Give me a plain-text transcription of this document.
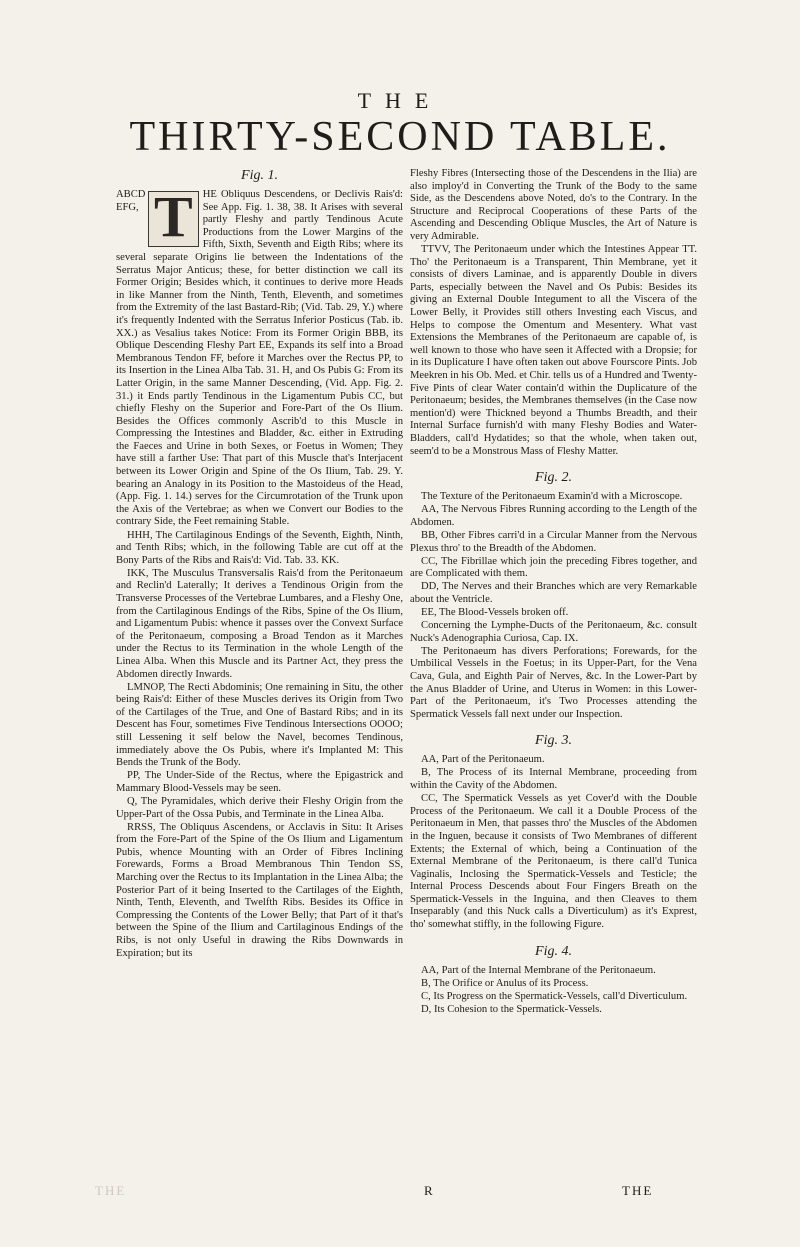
THE
THIRTY-SECOND TABLE.
Fig. 1.
ABCD EFG, T HE Obliquus Descendens, or Declivis Rais'd: See App. Fig. 1. 38, 38. It Arises with several partly Fleshy and partly Tendinous Acute Productions from the Lower Margins of the Fifth, Sixth, Seventh and Eigth Ribs; where its several separate Origins lie between the Indentations of the Serratus Major Anticus; these, for better distinction we call its Former Origin; Besides which, it continues to derive more Heads in like Manner from the Ninth, Tenth, Eleventh, and sometimes from the Extremity of the last Bastard-Rib; (Vid. Tab. 29, Y.) where it's frequently Indented with the Serratus Inferior Posticus (Tab. ib. XX.) as Vesalius takes Notice: From its Former Origin BBB, its Oblique Descending Fleshy Part EE, Expands its self into a Broad Membranous Tendon FF, before it Marches over the Rectus PP, to its Insertion in the Linea Alba Tab. 31. H, and Os Pubis G: From its Latter Origin, in the same Manner Descending, (Vid. App. Fig. 2. 31.) it Ends partly Tendinous in the Ligamentum Pubis CC, but chiefly Fleshy on the Superior and Fore-Part of the Os Ilium. Besides the Offices commonly Ascrib'd to this Muscle in Compressing the Intestines and Bladder, &c. either in Extruding the Faeces and Urine in both Sexes, or Foetus in Women; They have still a farther Use: That part of this Muscle that's Interjacent between its Lower Origin and Spine of the Os Ilium, Tab. 29. Y. bearing an Analogy in its Position to the Mastoideus of the Head, (App. Fig. 1. 14.) serves for the Circumrotation of the Trunk upon the Axis of the Vertebrae; as when we Convert our Bodies to the contrary Side, the Feet remaining Stable.

HHH, The Cartilaginous Endings of the Seventh, Eighth, Ninth, and Tenth Ribs; which, in the following Table are cut off at the Bony Parts of the Ribs and Rais'd: Vid. Tab. 33. KK.

IKK, The Musculus Transversalis Rais'd from the Peritonaeum and Reclin'd Laterally; It derives a Tendinous Origin from the Transverse Processes of the Vertebrae Lumbares, and a Fleshy One, from the Cartilaginous Endings of the Ribs, Spine of the Os Ilium, and Ligamentum Pubis: whence it passes over the Convext Surface of the Peritonaeum, composing a Broad Tendon as it Marches under the Rectus to its Termination in the whole Length of the Linea Alba. When this Muscle and its Partner Act, they press the Abdomen directly Inwards.

LMNOP, The Recti Abdominis; One remaining in Situ, the other being Rais'd: Either of these Muscles derives its Origin from Two of the Cartilages of the True, and One of Bastard Ribs; and in its Descent has Four, sometimes Five Tendinous Intersections OOOO; still Lessening it self below the Navel, becomes Tendinous, immediately above the Os Pubis, where it's Implanted M: This Bends the Trunk of the Body.

PP, The Under-Side of the Rectus, where the Epigastrick and Mammary Blood-Vessels may be seen.

Q, The Pyramidales, which derive their Fleshy Origin from the Upper-Part of the Ossa Pubis, and Terminate in the Linea Alba.

RRSS, The Obliquus Ascendens, or Acclavis in Situ: It Arises from the Fore-Part of the Spine of the Os Ilium and Ligamentum Pubis, whence Mounting with an Order of Fibres Inclining Forewards, Forms a Broad Membranous Thin Tendon SS, Marching over the Rectus to its Implantation in the Linea Alba; the Posterior Part of it being Inserted to the Cartilages of the Eighth, Ninth, Tenth, Eleventh, and Twelfth Ribs. Besides its Office in Compressing the Contents of the Lower Belly; that Part of it that's between the Spine of the Ilium and Cartilaginous Endings of the Ribs, is not only Useful in drawing the Ribs Downwards in Expiration; but its

Fleshy Fibres (Intersecting those of the Descendens in the Ilia) are also imploy'd in Converting the Trunk of the Body to the same Side, as the Descendens above Noted, do's to the Contrary. In the Structure and Reciprocal Cooperations of these Parts of the Ascending and Descending Oblique Muscles, the Art of Nature is very Admirable.

TTVV, The Peritonaeum under which the Intestines Appear TT. Tho' the Peritonaeum is a Transparent, Thin Membrane, yet it consists of divers Laminae, and is apparently Double in divers Parts, especially between the Navel and Os Pubis: Besides its giving an External Double Integument to all the Viscera of the Lower Belly, it Provides still others Investing each Viscus, and Helps to compose the Omentum and Mesentery. What vast Extensions the Membranes of the Peritonaeum are capable of, is well known to those who have seen it Affected with a Dropsie; for in its Duplicature I have often taken out above Fourscore Pints. Job Meekren in his Ob. Med. et Chir. tells us of a Hundred and Twenty-Five Pints of clear Water contain'd within the Duplicature of the Peritonaeum; besides, the Membranes themselves (in the Case now mention'd) were Thickned beyond a Thumbs Breadth, and their Internal Surface furnish'd with many Fleshy Bodies and Water-Bladders, call'd Hydatides; so that the whole, when taken out, seem'd to be a Monstrous Mass of Fleshy Matter.

Fig. 2.

The Texture of the Peritonaeum Examin'd with a Microscope.

AA, The Nervous Fibres Running according to the Length of the Abdomen.

BB, Other Fibres carri'd in a Circular Manner from the Nervous Plexus thro' to the Breadth of the Abdomen.

CC, The Fibrillae which join the preceding Fibres together, and are Complicated with them.

DD, The Nerves and their Branches which are very Remarkable about the Ventricle.

EE, The Blood-Vessels broken off.

Concerning the Lymphe-Ducts of the Peritonaeum, &c. consult Nuck's Adenographia Curiosa, Cap. IX.

The Peritonaeum has divers Perforations; Forewards, for the Umbilical Vessels in the Foetus; in its Upper-Part, for the Vena Cava, Gula, and Eighth Pair of Nerves, &c. In the Lower-Part by the Anus Bladder of Urine, and Uterus in Women: in this Lower-Part of the Peritonaeum, it's Two Processes attending the Spermatick Vessels fall next under our Inspection.

Fig. 3.

AA, Part of the Peritonaeum.

B, The Process of its Internal Membrane, proceeding from within the Cavity of the Abdomen.

CC, The Spermatick Vessels as yet Cover'd with the Double Process of the Peritonaeum. We call it a Double Process of the Peritonaeum in Men, that passes thro' the Muscles of the Abdomen in the Inguen, because it consists of Two Membranes of different Extents; the External of which, being a Continuation of the External Membrane of the Peritonaeum, is there call'd Tunica Vaginalis, Inclosing the Spermatick-Vessels and Testicle; the Internal Process Descends about Four Fingers Breath on the Spermatick-Vessels in the Inguina, and then Cleaves to them Inseparably (and this Nuck calls a Diverticulum) as it's Exprest, tho' somewhat stiffly, in the following Figure.

Fig. 4.

AA, Part of the Internal Membrane of the Peritonaeum.

B, The Orifice or Anulus of its Process.

C, Its Progress on the Spermatick-Vessels, call'd Diverticulum.

D, Its Cohesion to the Spermatick-Vessels.

THE	R	THE
